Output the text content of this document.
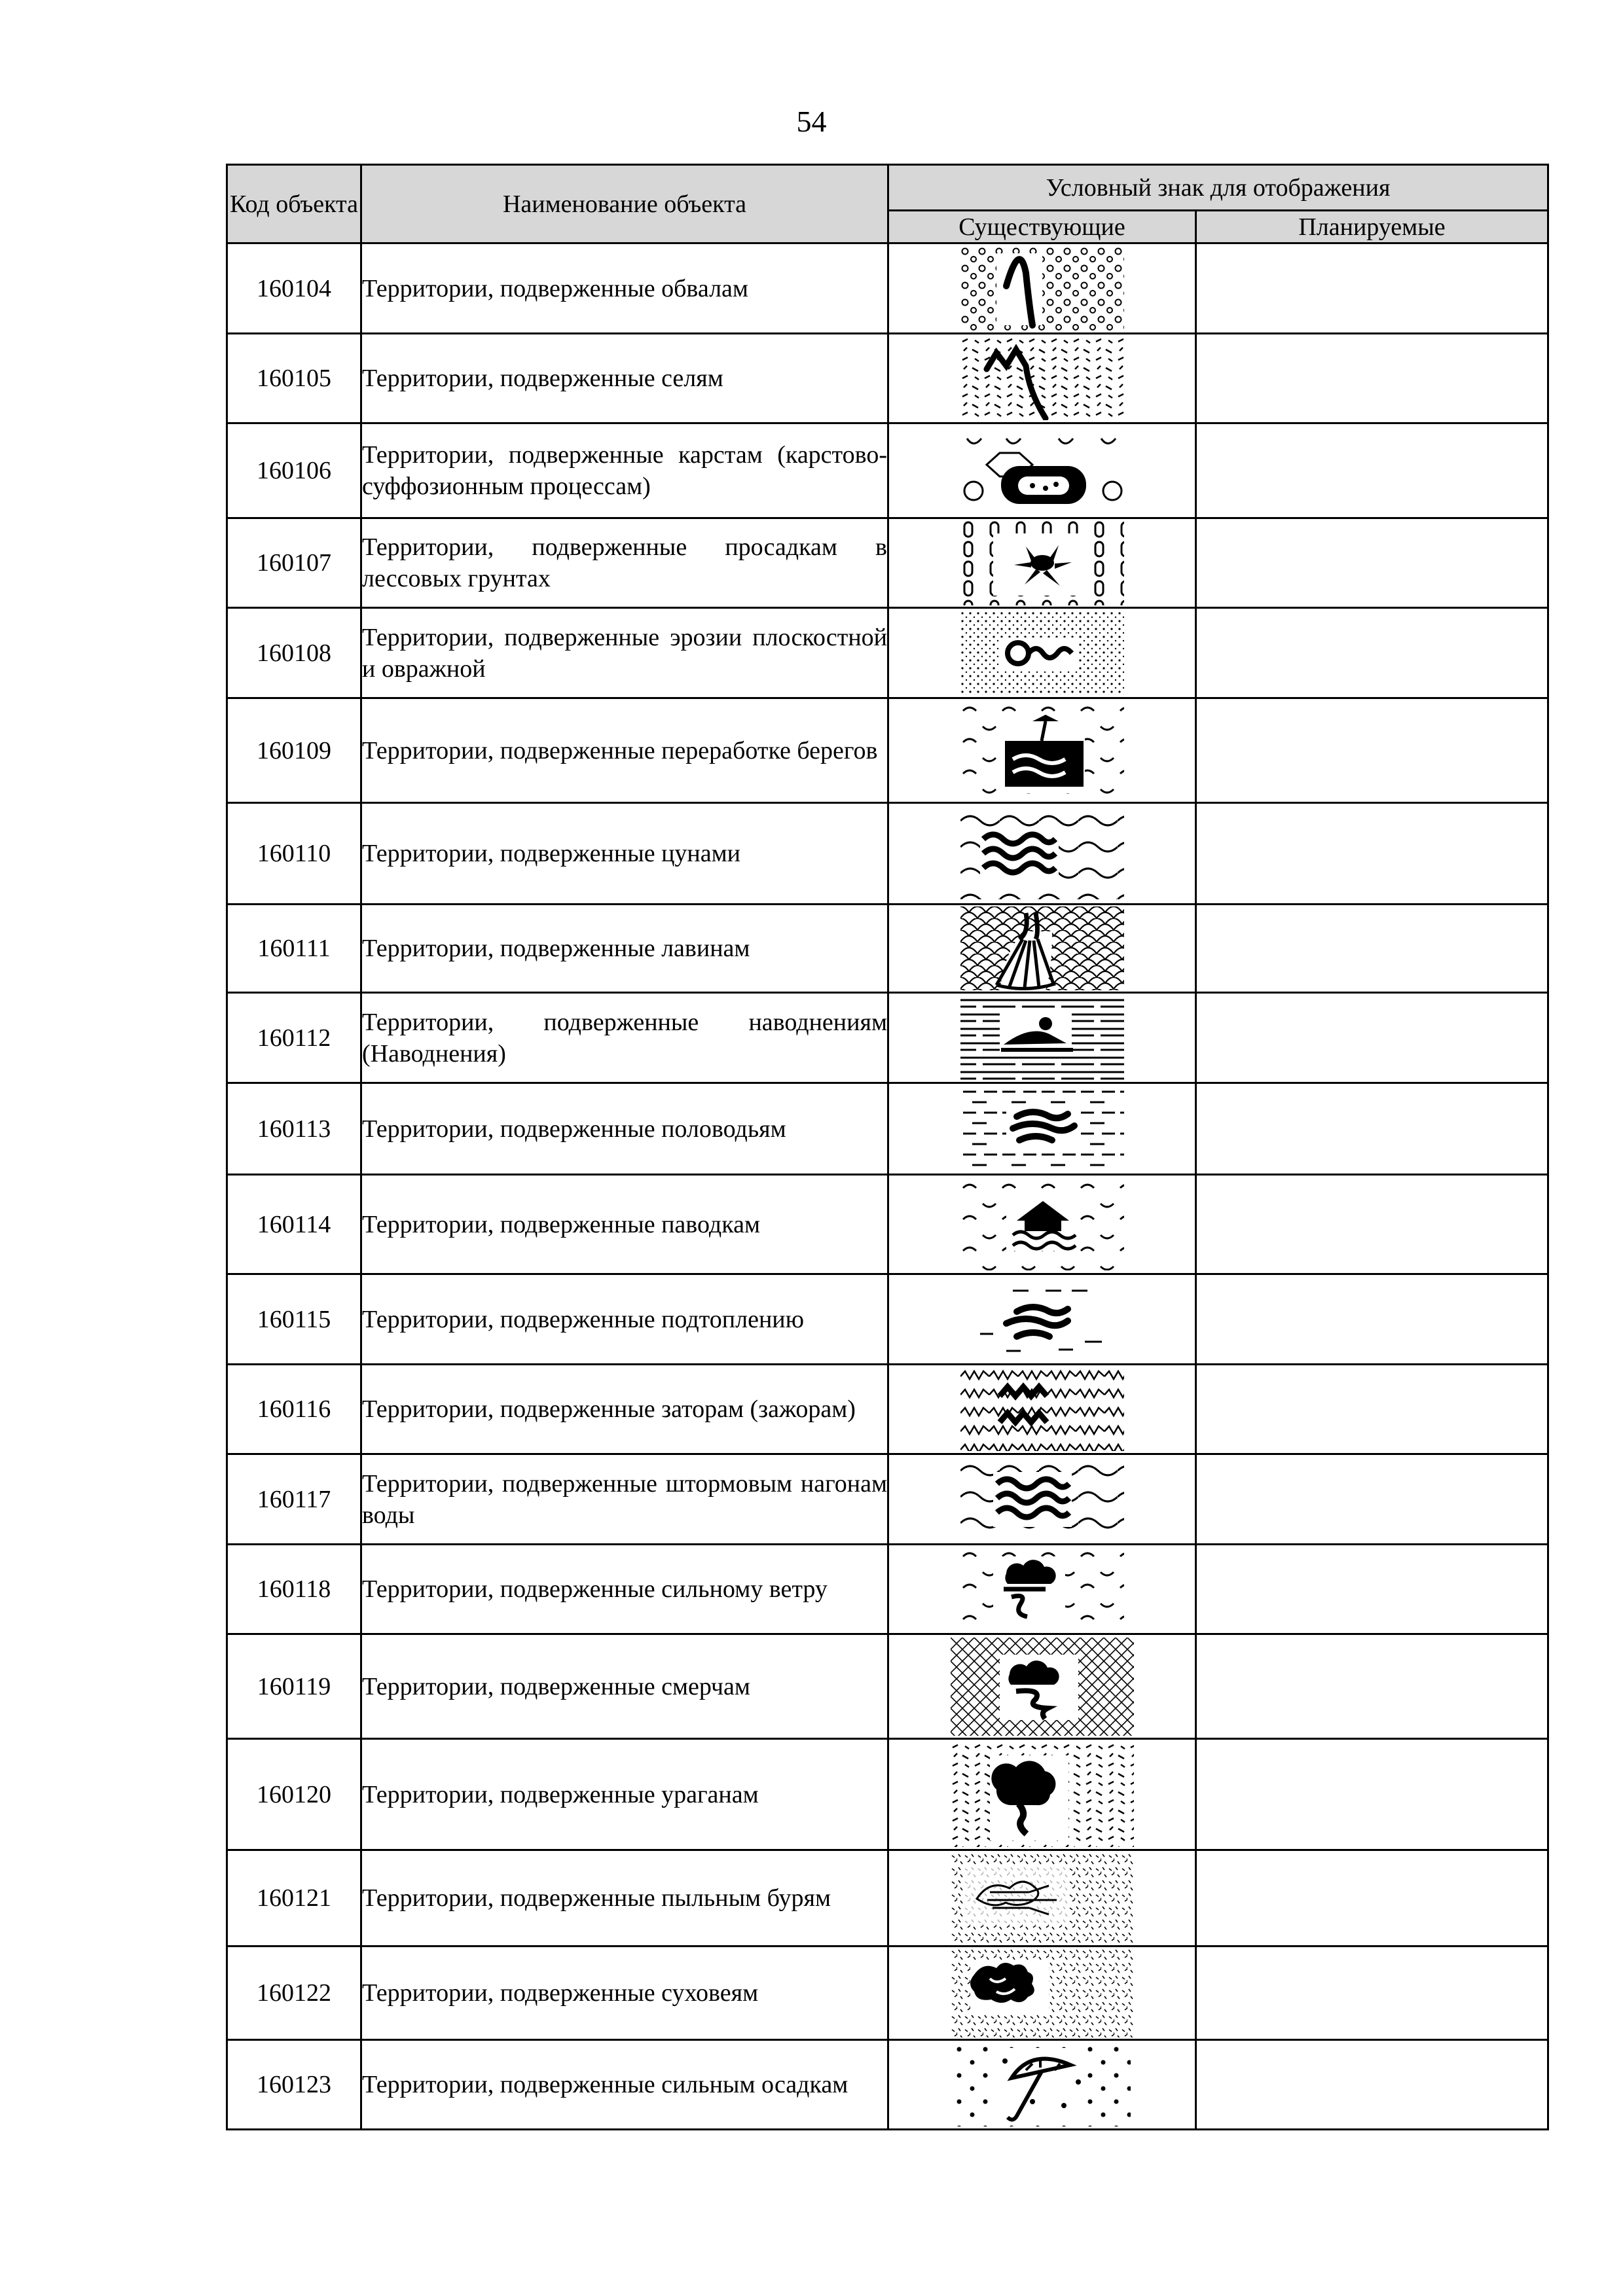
54
Код объекта	Наименование объекта	Условный знак для отображения	
		Существующие	Планируемые
160104	Территории, подверженные обвалам	

160105	Территории, подверженные селям	

160106	Территории, подверженные карстам (карстово-суффозионным процессам)	

160107	Территории, подверженные просадкам в лессовых грунтах	

160108	Территории, подверженные эрозии плоскостной и овражной	

160109	Территории, подверженные переработке берегов	

160110	Территории, подверженные цунами	

160111	Территории, подверженные лавинам	

160112	Территории, подверженные наводнениям (Наводнения)	

160113	Территории, подверженные половодьям	

160114	Территории, подверженные паводкам	

160115	Территории, подверженные подтоплению	

160116	Территории, подверженные заторам (зажорам)	

160117	Территории, подверженные штормовым нагонам воды	

160118	Территории, подверженные сильному ветру	

160119	Территории, подверженные смерчам	

160120	Территории, подверженные ураганам	

160121	Территории, подверженные пыльным бурям	

160122	Территории, подверженные суховеям	

160123	Территории, подверженные сильным осадкам	
